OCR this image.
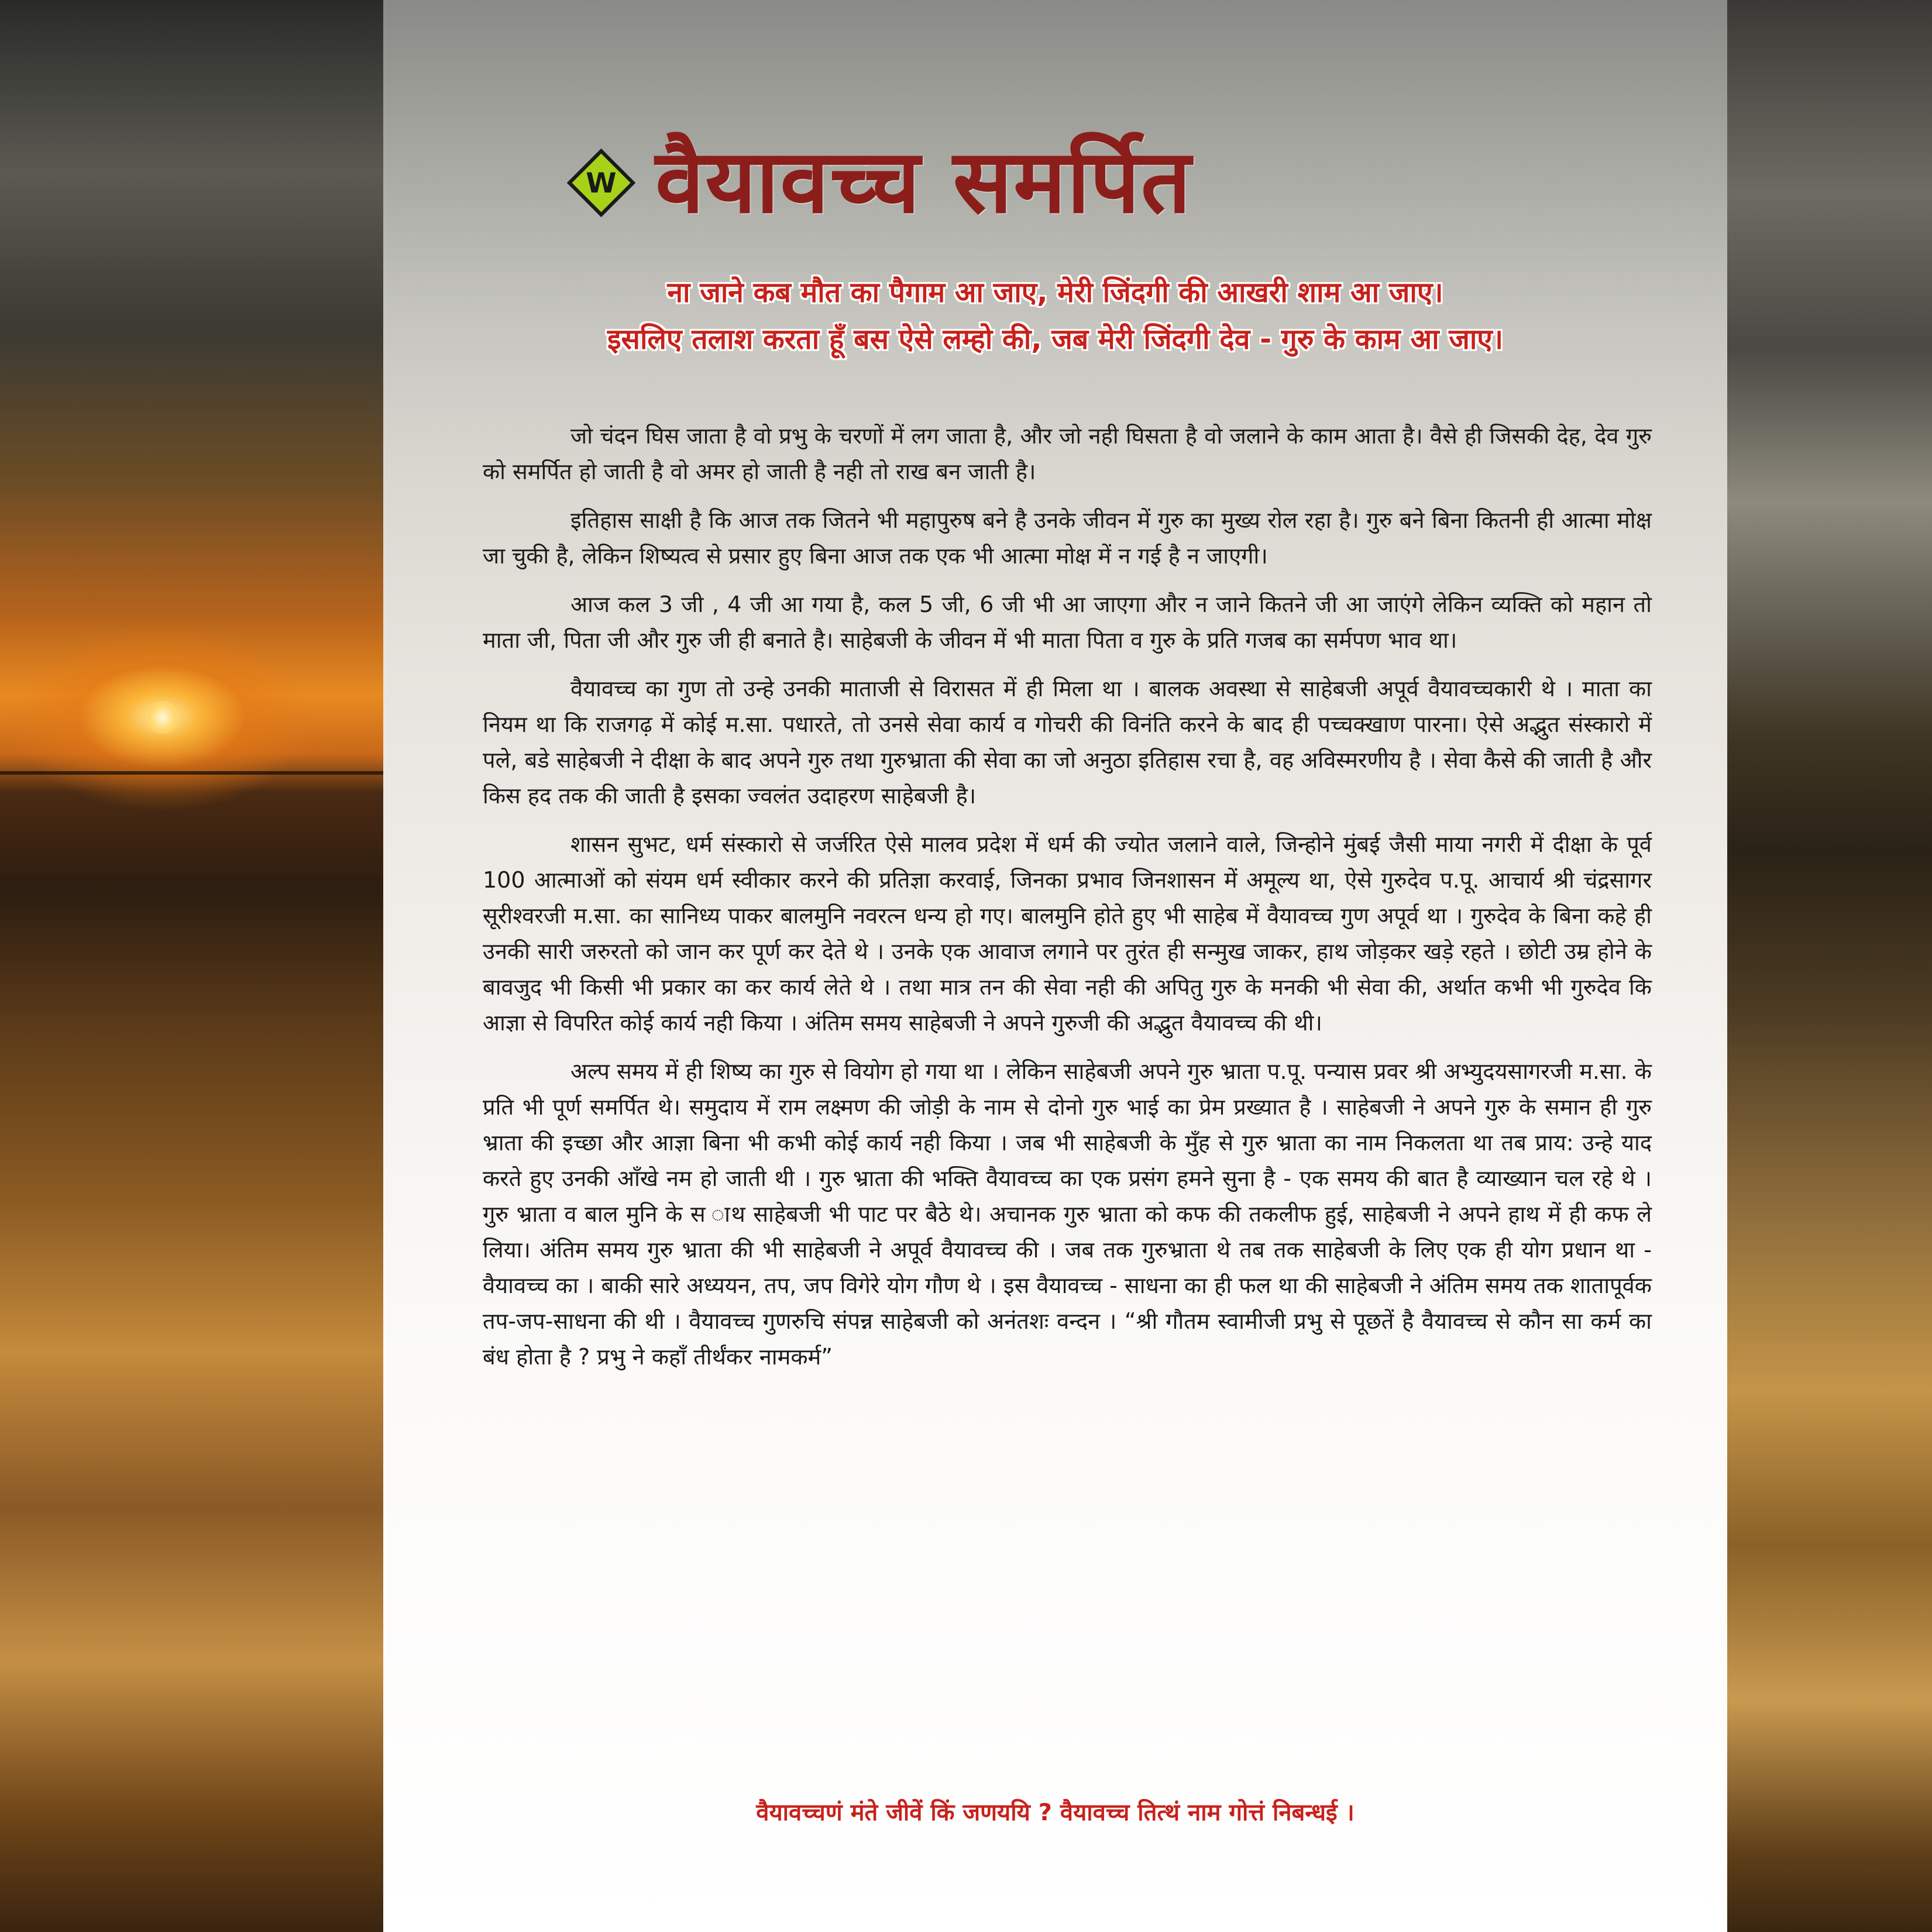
W वैयावच्च समर्पित
ना जाने कब मौत का पैगाम आ जाए, मेरी जिंदगी की आखरी शाम आ जाए।
इसलिए तलाश करता हूँ बस ऐसे लम्हो की, जब मेरी जिंदगी देव - गुरु के काम आ जाए।

जो चंदन घिस जाता है वो प्रभु के चरणों में लग जाता है, और जो नही घिसता है वो जलाने के काम आता है। वैसे ही जिसकी देह, देव गुरु को समर्पित हो जाती है वो अमर हो जाती है नही तो राख बन जाती है।

इतिहास साक्षी है कि आज तक जितने भी महापुरुष बने है उनके जीवन में गुरु का मुख्य रोल रहा है। गुरु बने बिना कितनी ही आत्मा मोक्ष जा चुकी है, लेकिन शिष्यत्व से प्रसार हुए बिना आज तक एक भी आत्मा मोक्ष में न गई है न जाएगी।

आज कल 3 जी , 4 जी आ गया है, कल 5 जी, 6 जी भी आ जाएगा और न जाने कितने जी आ जाएंगे लेकिन व्यक्ति को महान तो माता जी, पिता जी और गुरु जी ही बनाते है। साहेबजी के जीवन में भी माता पिता व गुरु के प्रति गजब का सर्मपण भाव था।

वैयावच्च का गुण तो उन्हे उनकी माताजी से विरासत में ही मिला था । बालक अवस्था से साहेबजी अपूर्व वैयावच्चकारी थे । माता का नियम था कि राजगढ़ में कोई म.सा. पधारते, तो उनसे सेवा कार्य व गोचरी की विनंति करने के बाद ही पच्चक्खाण पारना। ऐसे अद्भुत संस्कारो में पले, बडे साहेबजी ने दीक्षा के बाद अपने गुरु तथा गुरुभ्राता की सेवा का जो अनुठा इतिहास रचा है, वह अविस्मरणीय है । सेवा कैसे की जाती है और किस हद तक की जाती है इसका ज्वलंत उदाहरण साहेबजी है।

शासन सुभट, धर्म संस्कारो से जर्जरित ऐसे मालव प्रदेश में धर्म की ज्योत जलाने वाले, जिन्होने मुंबई जैसी माया नगरी में दीक्षा के पूर्व 100 आत्माओं को संयम धर्म स्वीकार करने की प्रतिज्ञा करवाई, जिनका प्रभाव जिनशासन में अमूल्य था, ऐसे गुरुदेव प.पू. आचार्य श्री चंद्रसागर सूरीश्वरजी म.सा. का सानिध्य पाकर बालमुनि नवरत्न धन्य हो गए। बालमुनि होते हुए भी साहेब में वैयावच्च गुण अपूर्व था । गुरुदेव के बिना कहे ही उनकी सारी जरुरतो को जान कर पूर्ण कर देते थे । उनके एक आवाज लगाने पर तुरंत ही सन्मुख जाकर, हाथ जोड़कर खड़े रहते । छोटी उम्र होने के बावजुद भी किसी भी प्रकार का कर कार्य लेते थे । तथा मात्र तन की सेवा नही की अपितु गुरु के मनकी भी सेवा की, अर्थात कभी भी गुरुदेव कि आज्ञा से विपरित कोई कार्य नही किया । अंतिम समय साहेबजी ने अपने गुरुजी की अद्भुत वैयावच्च की थी।

अल्प समय में ही शिष्य का गुरु से वियोग हो गया था । लेकिन साहेबजी अपने गुरु भ्राता प.पू. पन्यास प्रवर श्री अभ्युदयसागरजी म.सा. के प्रति भी पूर्ण समर्पित थे। समुदाय में राम लक्ष्मण की जोड़ी के नाम से दोनो गुरु भाई का प्रेम प्रख्यात है । साहेबजी ने अपने गुरु के समान ही गुरु भ्राता की इच्छा और आज्ञा बिना भी कभी कोई कार्य नही किया । जब भी साहेबजी के मुँह से गुरु भ्राता का नाम निकलता था तब प्राय: उन्हे याद करते हुए उनकी आँखे नम हो जाती थी । गुरु भ्राता की भक्ति वैयावच्च का एक प्रसंग हमने सुना है - एक समय की बात है व्याख्यान चल रहे थे । गुरु भ्राता व बाल मुनि के स ाथ साहेबजी भी पाट पर बैठे थे। अचानक गुरु भ्राता को कफ की तकलीफ हुई, साहेबजी ने अपने हाथ में ही कफ ले लिया। अंतिम समय गुरु भ्राता की भी साहेबजी ने अपूर्व वैयावच्च की । जब तक गुरुभ्राता थे तब तक साहेबजी के लिए एक ही योग प्रधान था - वैयावच्च का । बाकी सारे अध्ययन, तप, जप विगेरे योग गौण थे । इस वैयावच्च - साधना का ही फल था की साहेबजी ने अंतिम समय तक शातापूर्वक तप-जप-साधना की थी । वैयावच्च गुणरुचि संपन्न साहेबजी को अनंतशः वन्दन । “श्री गौतम स्वामीजी प्रभु से पूछतें है वैयावच्च से कौन सा कर्म का बंध होता है ? प्रभु ने कहाँ तीर्थंकर नामकर्म”

वैयावच्चणं मंते जीवें किं जणययि ? वैयावच्च तित्थं नाम गोत्तं निबन्धई ।
